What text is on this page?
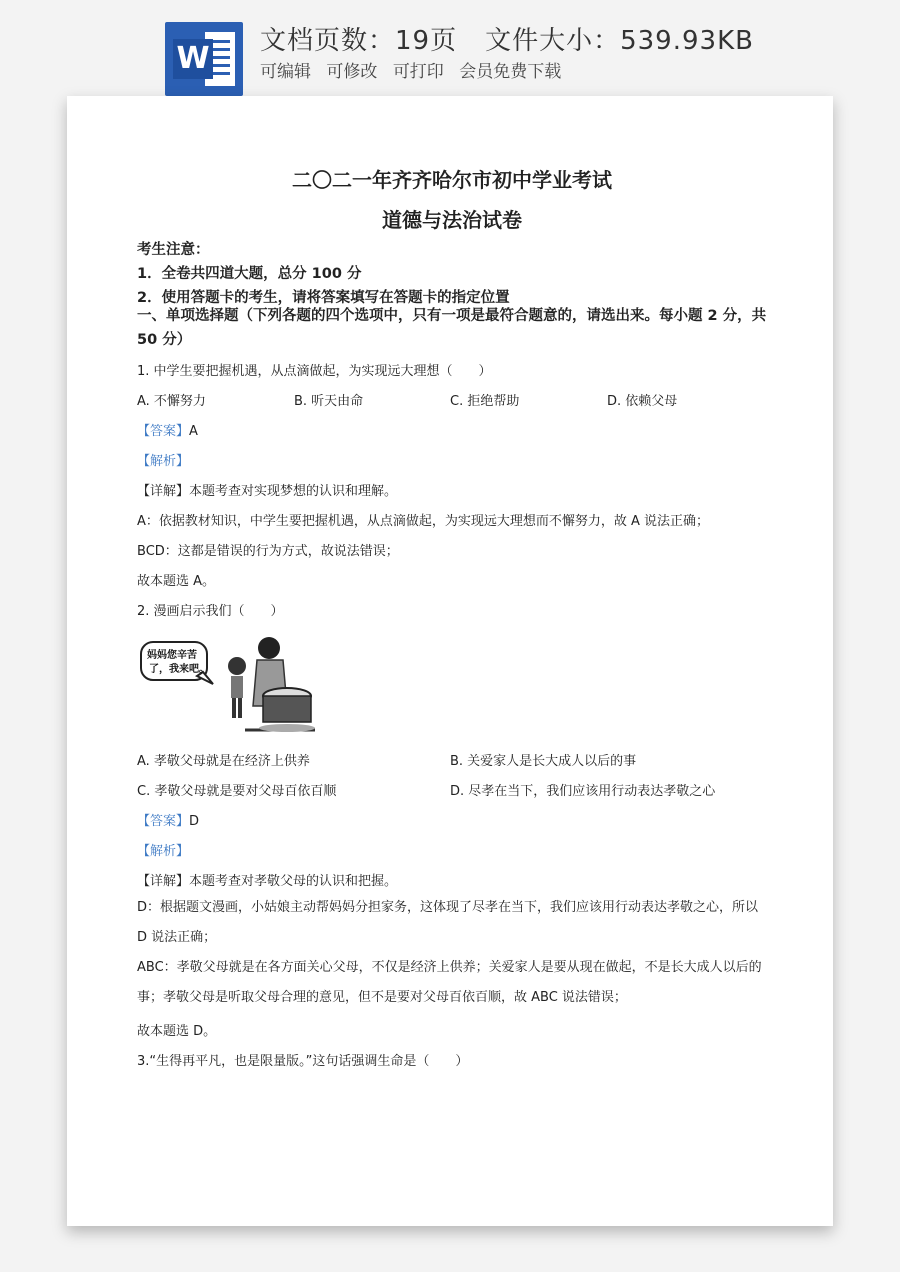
W 文档页数：19页 文件大小：539.93KB
可编辑 可修改 可打印 会员免费下载
二〇二一年齐齐哈尔市初中学业考试
道德与法治试卷
考生注意：
1．全卷共四道大题，总分 100 分
2．使用答题卡的考生，请将答案填写在答题卡的指定位置
一、单项选择题（下列各题的四个选项中，只有一项是最符合题意的，请选出来。每小题 2 分，共 50 分）
1. 中学生要把握机遇，从点滴做起，为实现远大理想（　　）
A. 不懈努力	B. 听天由命	C. 拒绝帮助	D. 依赖父母
【答案】A
【解析】
【详解】本题考查对实现梦想的认识和理解。
A：依据教材知识，中学生要把握机遇，从点滴做起，为实现远大理想而不懈努力，故 A 说法正确；
BCD：这都是错误的行为方式，故说法错误；
故本题选 A。
2. 漫画启示我们（　　）
妈妈您辛苦
了，我来吧。
A. 孝敬父母就是在经济上供养	B. 关爱家人是长大成人以后的事
C. 孝敬父母就是要对父母百依百顺	D. 尽孝在当下，我们应该用行动表达孝敬之心
【答案】D
【解析】
【详解】本题考查对孝敬父母的认识和把握。
D：根据题文漫画，小姑娘主动帮妈妈分担家务，这体现了尽孝在当下，我们应该用行动表达孝敬之心，所以 D 说法正确；
ABC：孝敬父母就是在各方面关心父母，不仅是经济上供养；关爱家人是要从现在做起，不是长大成人以后的事；孝敬父母是听取父母合理的意见，但不是要对父母百依百顺，故 ABC 说法错误；
故本题选 D。
3.“生得再平凡，也是限量版。”这句话强调生命是（　　）
